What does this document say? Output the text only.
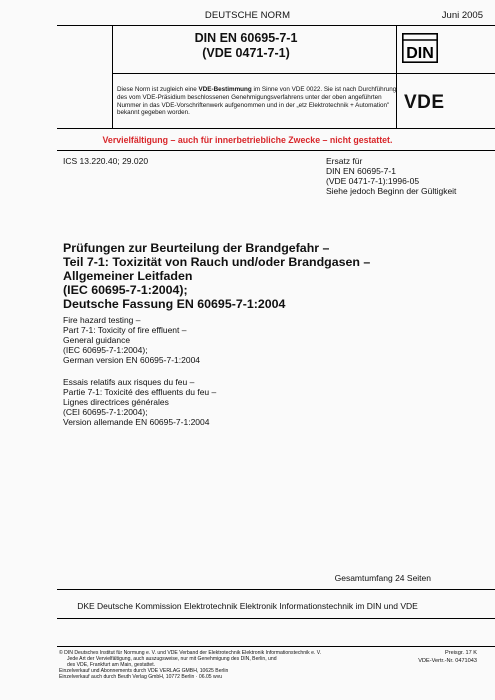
DEUTSCHE NORM	Juni 2005
DIN EN 60695-7-1
(VDE 0471-7-1)	DIN
Diese Norm ist zugleich eine VDE-Bestimmung im Sinne von VDE 0022. Sie ist nach Durchführung des vom VDE-Präsidium beschlossenen Genehmigungsverfahrens unter der oben angeführten Nummer in das VDE-Vorschriftenwerk aufgenommen und in der „etz Elektrotechnik + Automation" bekannt gegeben worden.	VDE
Vervielfältigung – auch für innerbetriebliche Zwecke – nicht gestattet.
ICS 13.220.40; 29.020	Ersatz für
DIN EN 60695-7-1
(VDE 0471-7-1):1996-05
Siehe jedoch Beginn der Gültigkeit
Prüfungen zur Beurteilung der Brandgefahr –
Teil 7-1: Toxizität von Rauch und/oder Brandgasen –
Allgemeiner Leitfaden
(IEC 60695-7-1:2004);
Deutsche Fassung EN 60695-7-1:2004
Fire hazard testing –
Part 7-1: Toxicity of fire effluent –
General guidance
(IEC 60695-7-1:2004);
German version EN 60695-7-1:2004
Essais relatifs aux risques du feu –
Partie 7-1: Toxicité des effluents du feu –
Lignes directrices générales
(CEI 60695-7-1:2004);
Version allemande EN 60695-7-1:2004
Gesamtumfang 24 Seiten
DKE Deutsche Kommission Elektrotechnik Elektronik Informationstechnik im DIN und VDE
© DIN Deutsches Institut für Normung e. V. und VDE Verband der Elektrotechnik Elektronik Informationstechnik e. V.
Jede Art der Vervielfältigung, auch auszugsweise, nur mit Genehmigung des DIN, Berlin, und
des VDE, Frankfurt am Main, gestattet.
Einzelverkauf und Abonnements durch VDE VERLAG GMBH, 10625 Berlin
Einzelverkauf auch durch Beuth Verlag GmbH, 10772 Berlin · 06.05 wvu
Preisgr. 17 K
VDE-Vertr.-Nr. 0471043
